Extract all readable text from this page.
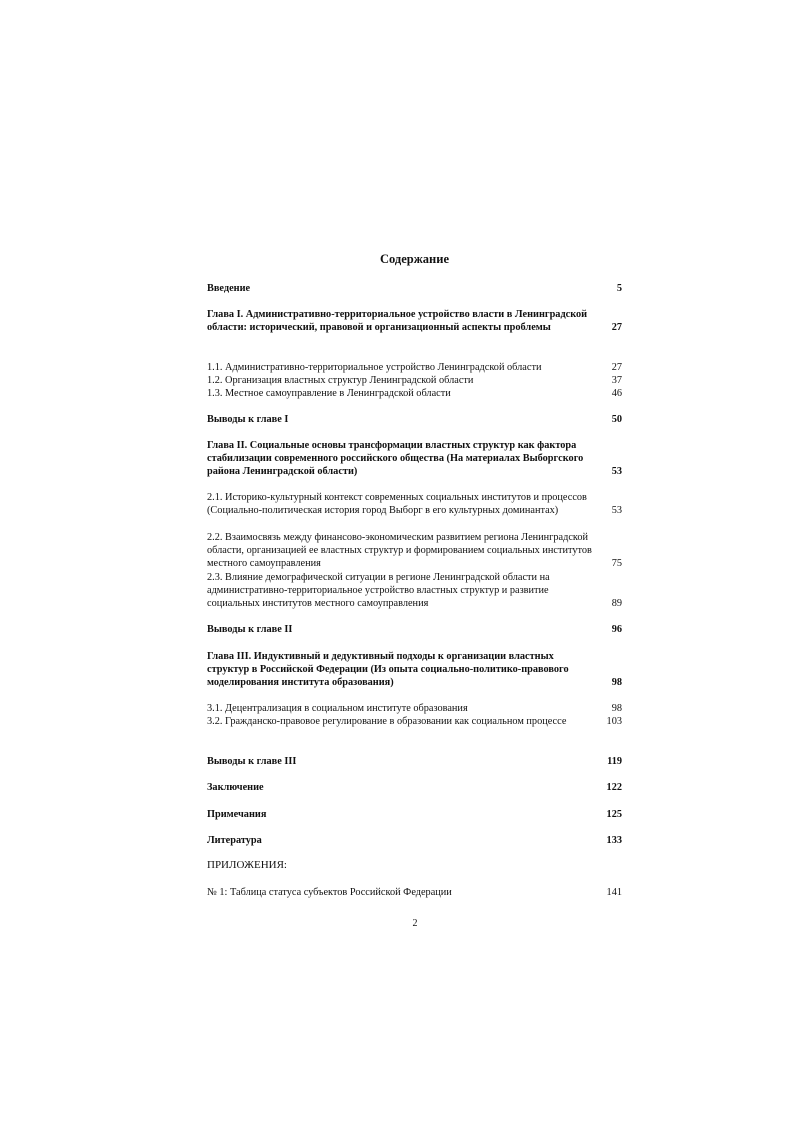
Содержание
Введение	5
Глава I. Административно-территориальное устройство власти в Ленинградской области: исторический, правовой и организационный аспекты проблемы	27
1.1. Административно-территориальное устройство Ленинградской области	27
1.2. Организация властных структур Ленинградской области	37
1.3. Местное самоуправление в Ленинградской области	46
Выводы к главе I	50
Глава II. Социальные основы трансформации властных структур как фактора стабилизации современного российского общества (На материалах Выборгского района Ленинградской области)	53
2.1. Историко-культурный контекст современных социальных институтов и процессов (Социально-политическая история город Выборг в его культурных доминантах)	53
2.2. Взаимосвязь между финансово-экономическим развитием региона Ленинградской области, организацией ее властных структур и формированием социальных институтов местного самоуправления	75
2.3. Влияние демографической ситуации в регионе Ленинградской области на административно-территориальное устройство властных структур и развитие социальных институтов местного самоуправления	89
Выводы к главе II	96
Глава III. Индуктивный и дедуктивный подходы к организации властных структур в Российской Федерации (Из опыта социально-политико-правового моделирования института образования)	98
3.1. Децентрализация в социальном институте образования	98
3.2. Гражданско-правовое регулирование в образовании как социальном процессе	103
Выводы к главе III	119
Заключение	122
Примечания	125
Литература	133
ПРИЛОЖЕНИЯ:
№ 1: Таблица статуса субъектов Российской Федерации	141
2
